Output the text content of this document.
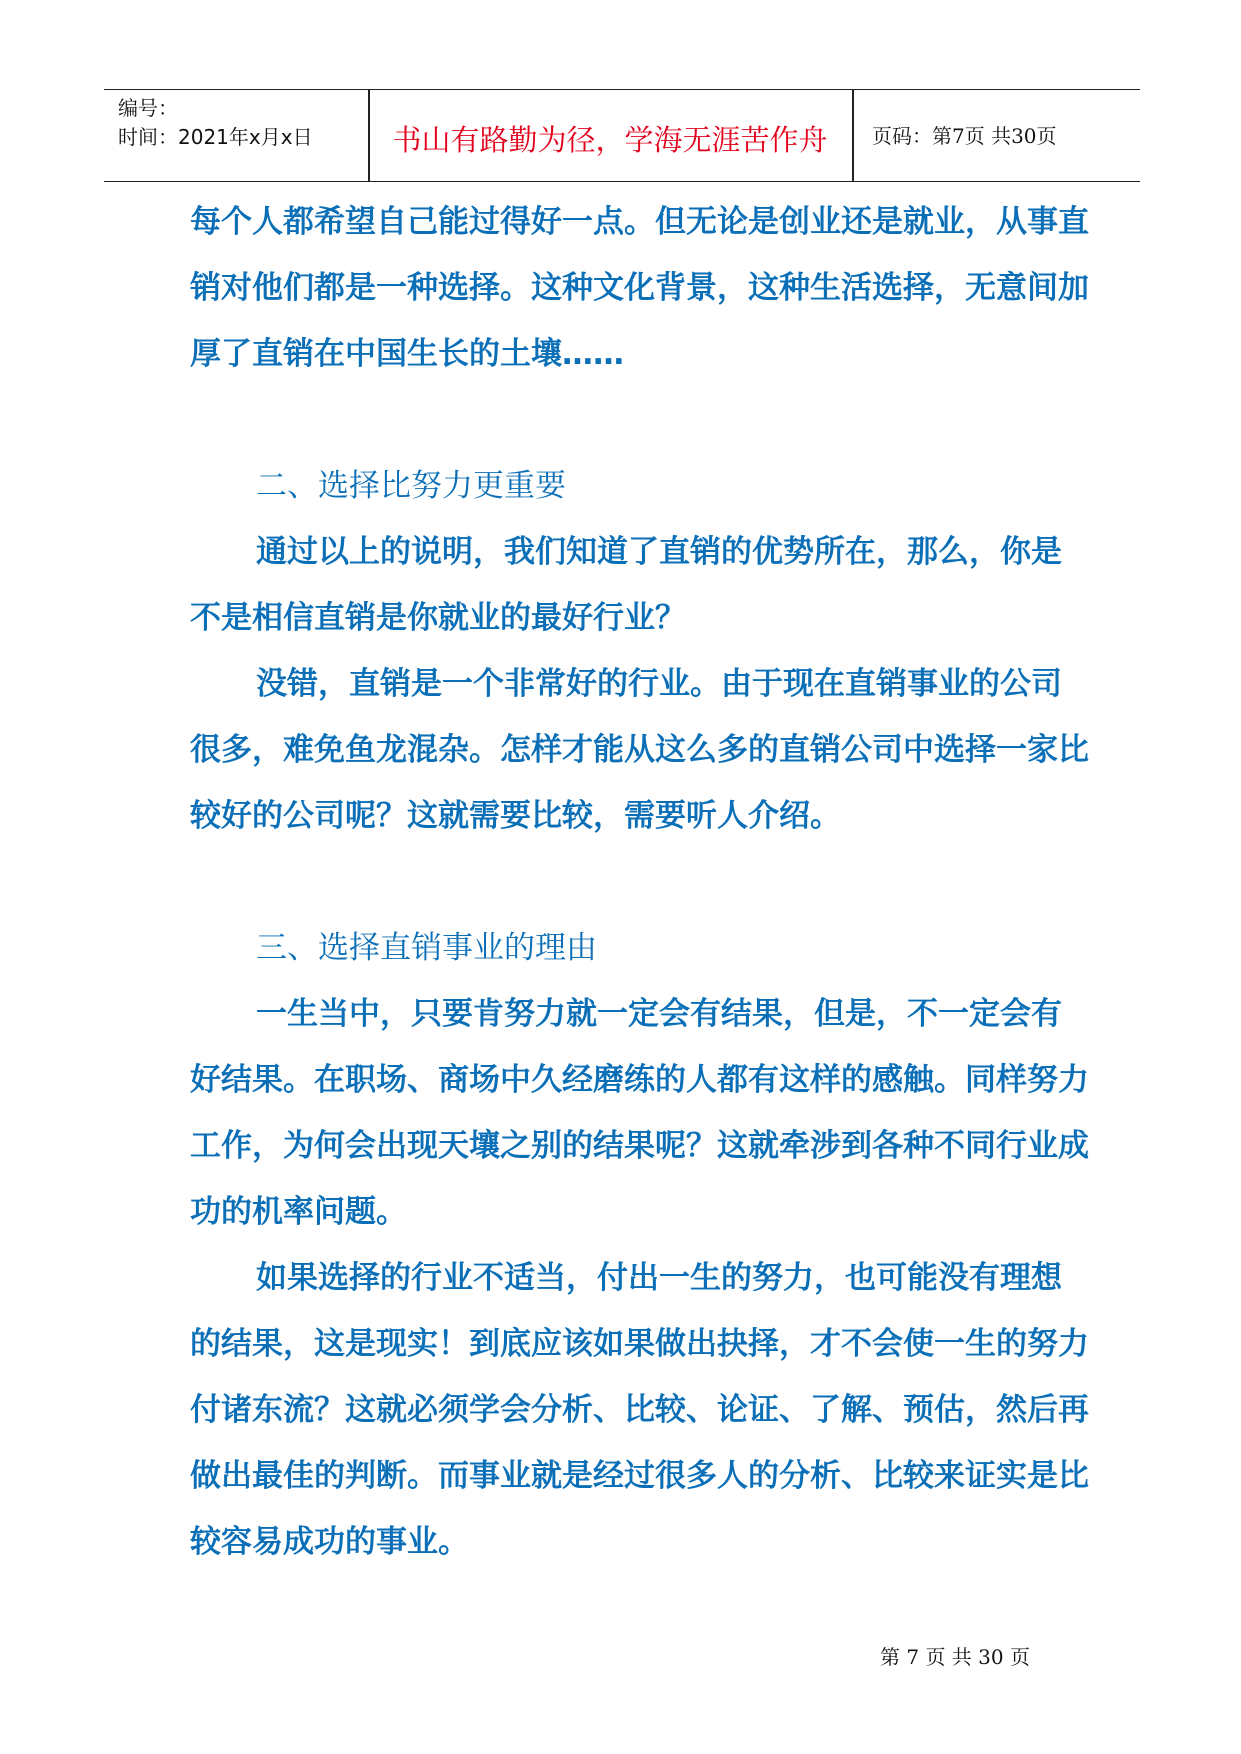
编号：
时间：2021年x月x日	书山有路勤为径，学海无涯苦作舟	页码：第7页 共30页

每个人都希望自己能过得好一点。但无论是创业还是就业，从事直销对他们都是一种选择。这种文化背景，这种生活选择，无意间加厚了直销在中国生长的土壤……

二、选择比努力更重要

通过以上的说明，我们知道了直销的优势所在，那么，你是不是相信直销是你就业的最好行业？

没错，直销是一个非常好的行业。由于现在直销事业的公司很多，难免鱼龙混杂。怎样才能从这么多的直销公司中选择一家比较好的公司呢？这就需要比较，需要听人介绍。

三、选择直销事业的理由

一生当中，只要肯努力就一定会有结果，但是，不一定会有好结果。在职场、商场中久经磨练的人都有这样的感触。同样努力工作，为何会出现天壤之别的结果呢？这就牵涉到各种不同行业成功的机率问题。

如果选择的行业不适当，付出一生的努力，也可能没有理想的结果，这是现实！到底应该如果做出抉择，才不会使一生的努力付诸东流？这就必须学会分析、比较、论证、了解、预估，然后再做出最佳的判断。而事业就是经过很多人的分析、比较来证实是比较容易成功的事业。

第 7 页 共 30 页
